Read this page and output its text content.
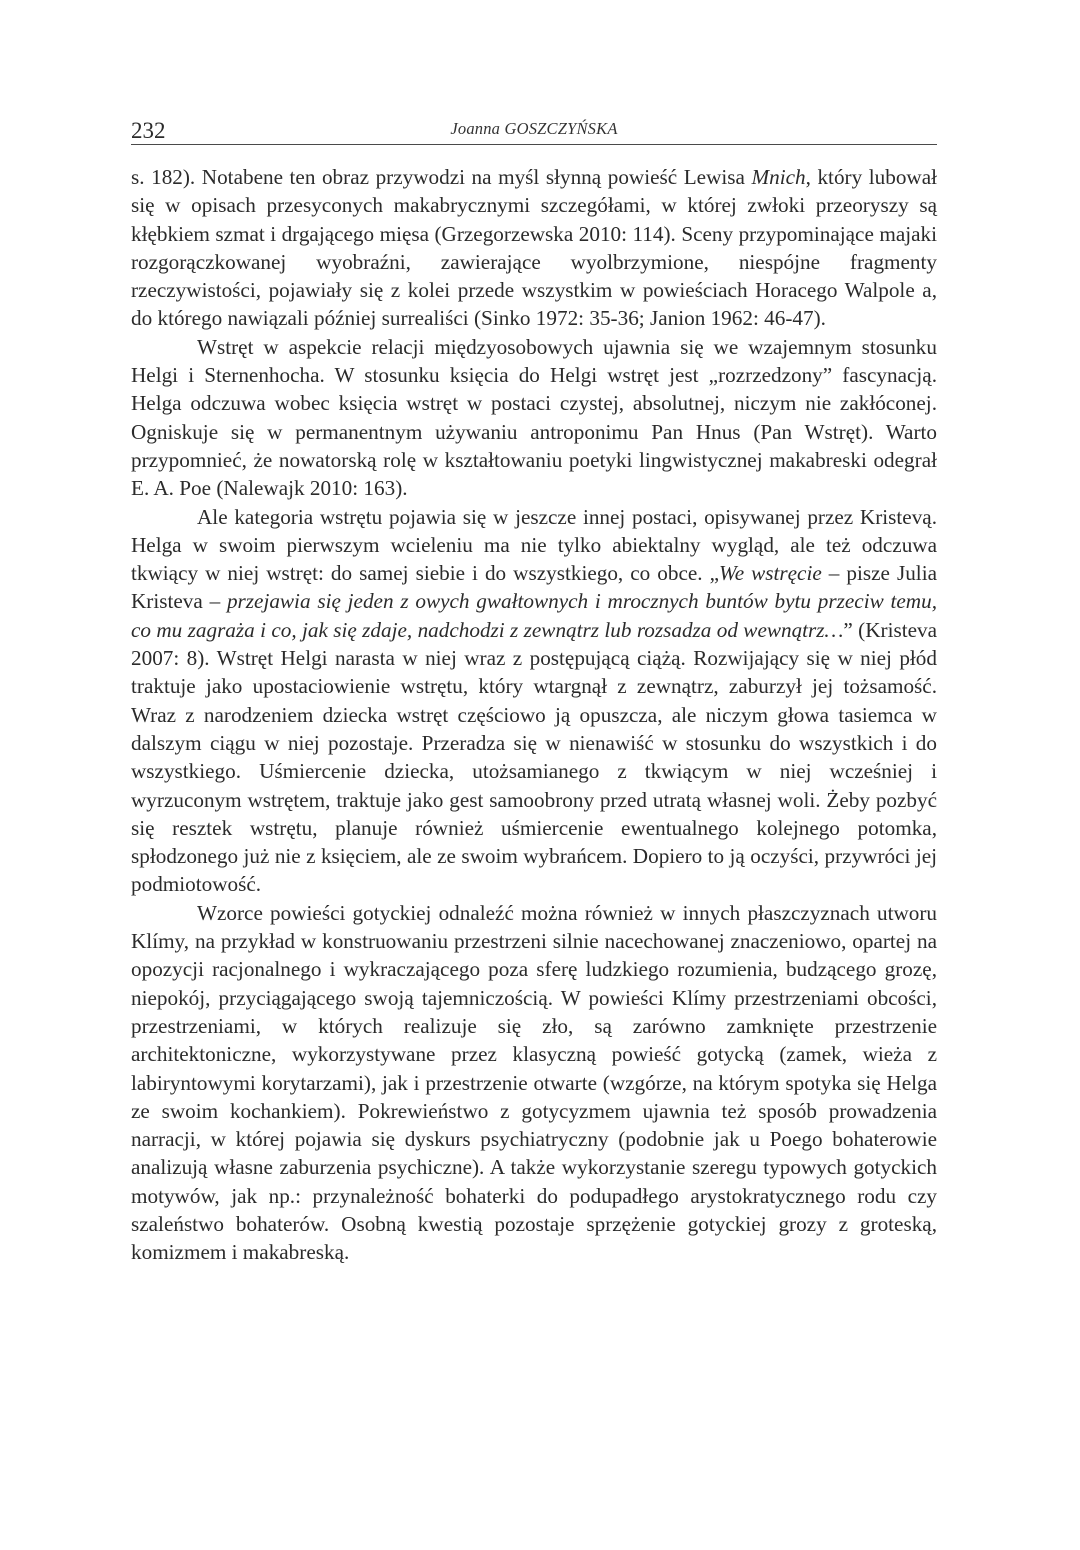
232	Joanna GOSZCZYŃSKA

s. 182). Notabene ten obraz przywodzi na myśl słynną powieść Lewisa Mnich, który lubował się w opisach przesyconych makabrycznymi szczegółami, w której zwłoki przeoryszy są kłębkiem szmat i drgającego mięsa (Grzegorzewska 2010: 114). Sceny przypominające majaki rozgorączkowanej wyobraźni, zawierające wyolbrzymione, niespójne fragmenty rzeczywistości, pojawiały się z kolei przede wszystkim w powieściach Horacego Walpole a, do którego nawiązali później surrealiści (Sinko 1972: 35-36; Janion 1962: 46-47).

Wstręt w aspekcie relacji międzyosobowych ujawnia się we wzajemnym stosunku Helgi i Sternenhocha. W stosunku księcia do Helgi wstręt jest „rozrzedzony” fascynacją. Helga odczuwa wobec księcia wstręt w postaci czystej, absolutnej, niczym nie zakłóconej. Ogniskuje się w permanentnym używaniu antroponimu Pan Hnus (Pan Wstręt). Warto przypomnieć, że nowatorską rolę w kształtowaniu poetyki lingwistycznej makabreski odegrał E. A. Poe (Nalewajk 2010: 163).

Ale kategoria wstrętu pojawia się w jeszcze innej postaci, opisywanej przez Kristevą. Helga w swoim pierwszym wcieleniu ma nie tylko abiektalny wygląd, ale też odczuwa tkwiący w niej wstręt: do samej siebie i do wszystkiego, co obce. „We wstręcie – pisze Julia Kristeva – przejawia się jeden z owych gwałtownych i mrocznych buntów bytu przeciw temu, co mu zagraża i co, jak się zdaje, nadchodzi z zewnątrz lub rozsadza od wewnątrz…” (Kristeva 2007: 8). Wstręt Helgi narasta w niej wraz z postępującą ciążą. Rozwijający się w niej płód traktuje jako upostaciowienie wstrętu, który wtargnął z zewnątrz, zaburzył jej tożsamość. Wraz z narodzeniem dziecka wstręt częściowo ją opuszcza, ale niczym głowa tasiemca w dalszym ciągu w niej pozostaje. Przeradza się w nienawiść w stosunku do wszystkich i do wszystkiego. Uśmiercenie dziecka, utożsamianego z tkwiącym w niej wcześniej i wyrzuconym wstrętem, traktuje jako gest samoobrony przed utratą własnej woli. Żeby pozbyć się resztek wstrętu, planuje również uśmiercenie ewentualnego kolejnego potomka, spłodzonego już nie z księciem, ale ze swoim wybrańcem. Dopiero to ją oczyści, przywróci jej podmiotowość.

Wzorce powieści gotyckiej odnaleźć można również w innych płaszczyznach utworu Klímy, na przykład w konstruowaniu przestrzeni silnie nacechowanej znaczeniowo, opartej na opozycji racjonalnego i wykraczającego poza sferę ludzkiego rozumienia, budzącego grozę, niepokój, przyciągającego swoją tajemniczością. W powieści Klímy przestrzeniami obcości, przestrzeniami, w których realizuje się zło, są zarówno zamknięte przestrzenie architektoniczne, wykorzystywane przez klasyczną powieść gotycką (zamek, wieża z labiryntowymi korytarzami), jak i przestrzenie otwarte (wzgórze, na którym spotyka się Helga ze swoim kochankiem). Pokrewieństwo z gotycyzmem ujawnia też sposób prowadzenia narracji, w której pojawia się dyskurs psychiatryczny (podobnie jak u Poego bohaterowie analizują własne zaburzenia psychiczne). A także wykorzystanie szeregu typowych gotyckich motywów, jak np.: przynależność bohaterki do podupadłego arystokratycznego rodu czy szaleństwo bohaterów. Osobną kwestią pozostaje sprzężenie gotyckiej grozy z groteską, komizmem i makabreską.
